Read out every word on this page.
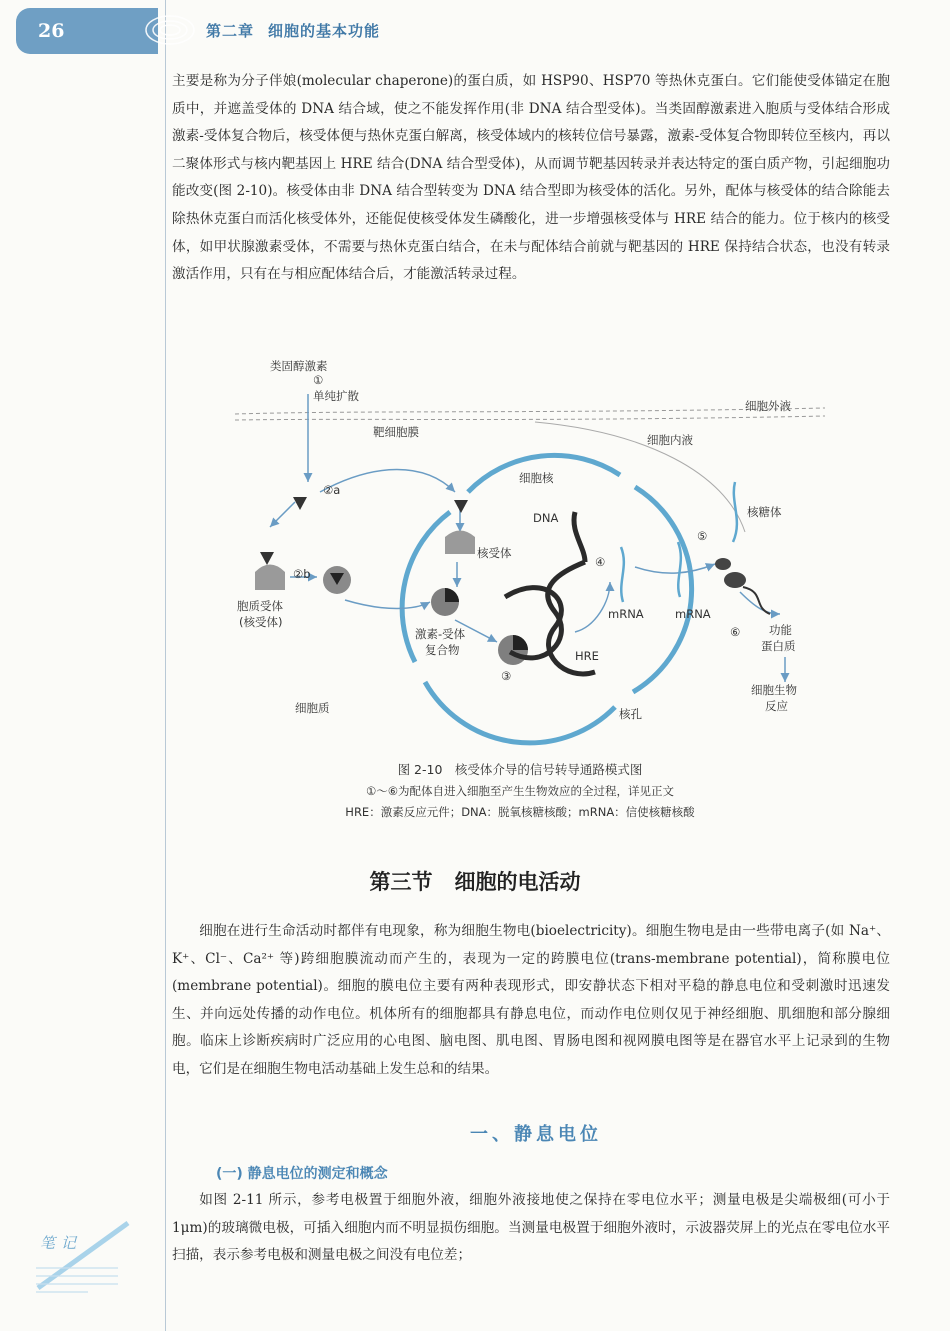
26	第二章 细胞的基本功能

主要是称为分子伴娘(molecular chaperone)的蛋白质，如 HSP90、HSP70 等热休克蛋白。它们能使受体锚定在胞质中，并遮盖受体的 DNA 结合域，使之不能发挥作用(非 DNA 结合型受体)。当类固醇激素进入胞质与受体结合形成激素-受体复合物后，核受体便与热休克蛋白解离，核受体域内的核转位信号暴露，激素-受体复合物即转位至核内，再以二聚体形式与核内靶基因上 HRE 结合(DNA 结合型受体)，从而调节靶基因转录并表达特定的蛋白质产物，引起细胞功能改变(图 2-10)。核受体由非 DNA 结合型转变为 DNA 结合型即为核受体的活化。另外，配体与核受体的结合除能去除热休克蛋白而活化核受体外，还能促使核受体发生磷酸化，进一步增强核受体与 HRE 结合的能力。位于核内的核受体，如甲状腺激素受体，不需要与热休克蛋白结合，在未与配体结合前就与靶基因的 HRE 保持结合状态，也没有转录激活作用，只有在与相应配体结合后，才能激活转录过程。

类固醇激素
①
单纯扩散
细胞外液
靶细胞膜
细胞内液
细胞核
②a
DNA	核糖体
⑤
核受体
④
②b
胞质受体
(核受体)
激素-受体
复合物
mRNA	mRNA
⑥ 功能
蛋白质
HRE
③
细胞生物
反应
细胞质	核孔
图 2-10　核受体介导的信号转导通路模式图
①～⑥为配体自进入细胞至产生生物效应的全过程，详见正文
HRE：激素反应元件；DNA：脱氧核糖核酸；mRNA：信使核糖核酸
第三节 细胞的电活动

细胞在进行生命活动时都伴有电现象，称为细胞生物电(bioelectricity)。细胞生物电是由一些带电离子(如 Na⁺、K⁺、Cl⁻、Ca²⁺ 等)跨细胞膜流动而产生的，表现为一定的跨膜电位(trans-membrane potential)，简称膜电位(membrane potential)。细胞的膜电位主要有两种表现形式，即安静状态下相对平稳的静息电位和受刺激时迅速发生、并向远处传播的动作电位。机体所有的细胞都具有静息电位，而动作电位则仅见于神经细胞、肌细胞和部分腺细胞。临床上诊断疾病时广泛应用的心电图、脑电图、肌电图、胃肠电图和视网膜电图等是在器官水平上记录到的生物电，它们是在细胞生物电活动基础上发生总和的结果。

一、静息电位
(一) 静息电位的测定和概念

如图 2-11 所示，参考电极置于细胞外液，细胞外液接地使之保持在零电位水平；测量电极是尖端极细(可小于 1μm)的玻璃微电极，可插入细胞内而不明显损伤细胞。当测量电极置于细胞外液时，示波器荧屏上的光点在零电位水平扫描，表示参考电极和测量电极之间没有电位差；

笔记
